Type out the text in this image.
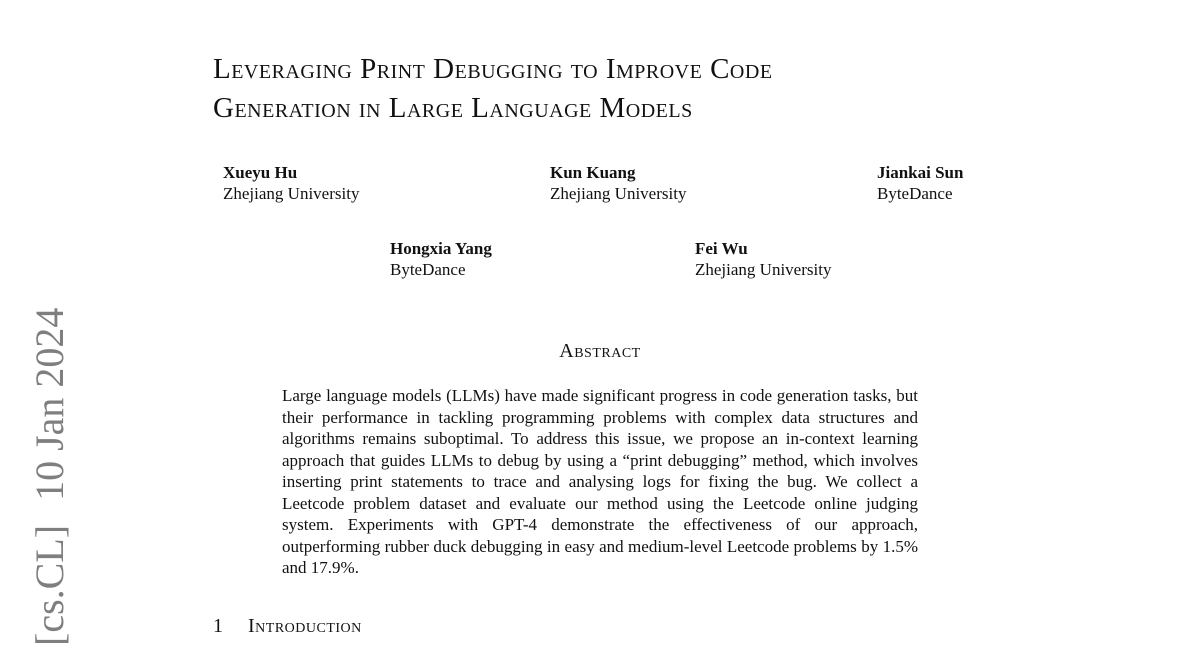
[cs.CL]10 Jan 2024
Leveraging Print Debugging to Improve Code
Generation in Large Language Models
Xueyu Hu
Zhejiang University
Kun Kuang
Zhejiang University
Jiankai Sun
ByteDance
Hongxia Yang
ByteDance
Fei Wu
Zhejiang University
Abstract

Large language models (LLMs) have made significant progress in code generation tasks, but their performance in tackling programming problems with complex data structures and algorithms remains suboptimal. To address this issue, we propose an in-context learning approach that guides LLMs to debug by using a “print debugging” method, which involves inserting print statements to trace and analysing logs for fixing the bug. We collect a Leetcode problem dataset and evaluate our method using the Leetcode online judging system. Experiments with GPT-4 demonstrate the effectiveness of our approach, outperforming rubber duck debugging in easy and medium-level Leetcode problems by 1.5% and 17.9%.

1 Introduction
